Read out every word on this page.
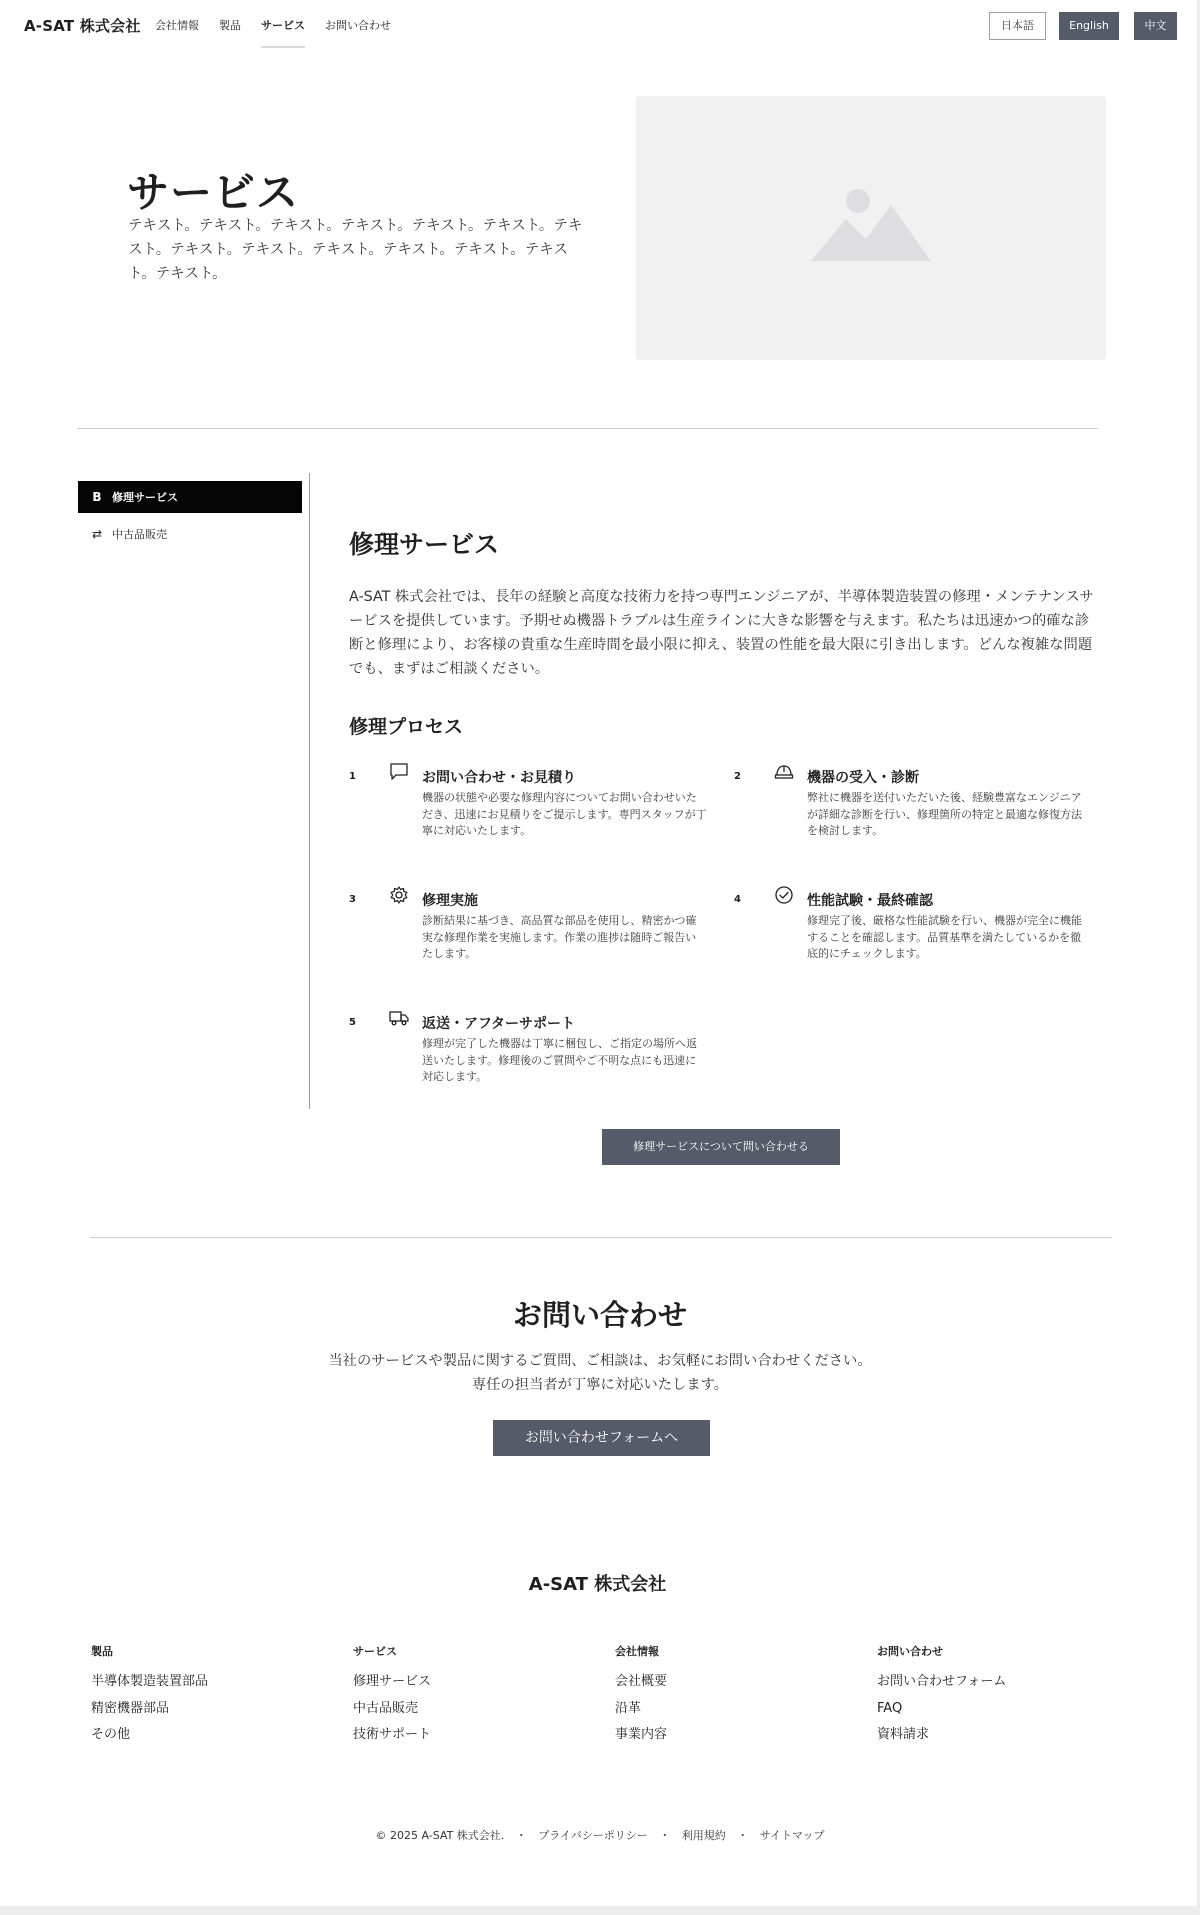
A-SAT 株式会社 会社情報 製品 サービス お問い合わせ	日本語	English	中文
サービス
テキスト。テキスト。テキスト。テキスト。テキスト。テキスト。テキスト。テキスト。テキスト。テキスト。テキスト。テキスト。テキスト。テキスト。
B 修理サービス
⇄ 中古品販売	修理サービス
A-SAT 株式会社では、長年の経験と高度な技術力を持つ専門エンジニアが、半導体製造装置の修理・メンテナンスサービスを提供しています。予期せぬ機器トラブルは生産ラインに大きな影響を与えます。私たちは迅速かつ的確な診断と修理により、お客様の貴重な生産時間を最小限に抑え、装置の性能を最大限に引き出します。どんな複雑な問題でも、まずはご相談ください。
修理プロセス
1	お問い合わせ・お見積り
機器の状態や必要な修理内容についてお問い合わせいただき、迅速にお見積りをご提示します。専門スタッフが丁寧に対応いたします。
2	機器の受入・診断
弊社に機器を送付いただいた後、経験豊富なエンジニアが詳細な診断を行い、修理箇所の特定と最適な修復方法を検討します。
3	修理実施
診断結果に基づき、高品質な部品を使用し、精密かつ確実な修理作業を実施します。作業の進捗は随時ご報告いたします。
4	性能試験・最終確認
修理完了後、厳格な性能試験を行い、機器が完全に機能することを確認します。品質基準を満たしているかを徹底的にチェックします。
5	返送・アフターサポート
修理が完了した機器は丁寧に梱包し、ご指定の場所へ返送いたします。修理後のご質問やご不明な点にも迅速に対応します。
修理サービスについて問い合わせる
お問い合わせ
当社のサービスや製品に関するご質問、ご相談は、お気軽にお問い合わせください。専任の担当者が丁寧に対応いたします。
お問い合わせフォームへ
A-SAT 株式会社
製品
半導体製造装置部品
精密機器部品
その他
サービス
修理サービス
中古品販売
技術サポート
会社情報
会社概要
沿革
事業内容
お問い合わせ
お問い合わせフォーム
FAQ
資料請求
© 2025 A-SAT 株式会社. ・ プライバシーポリシー ・ 利用規約 ・ サイトマップ
